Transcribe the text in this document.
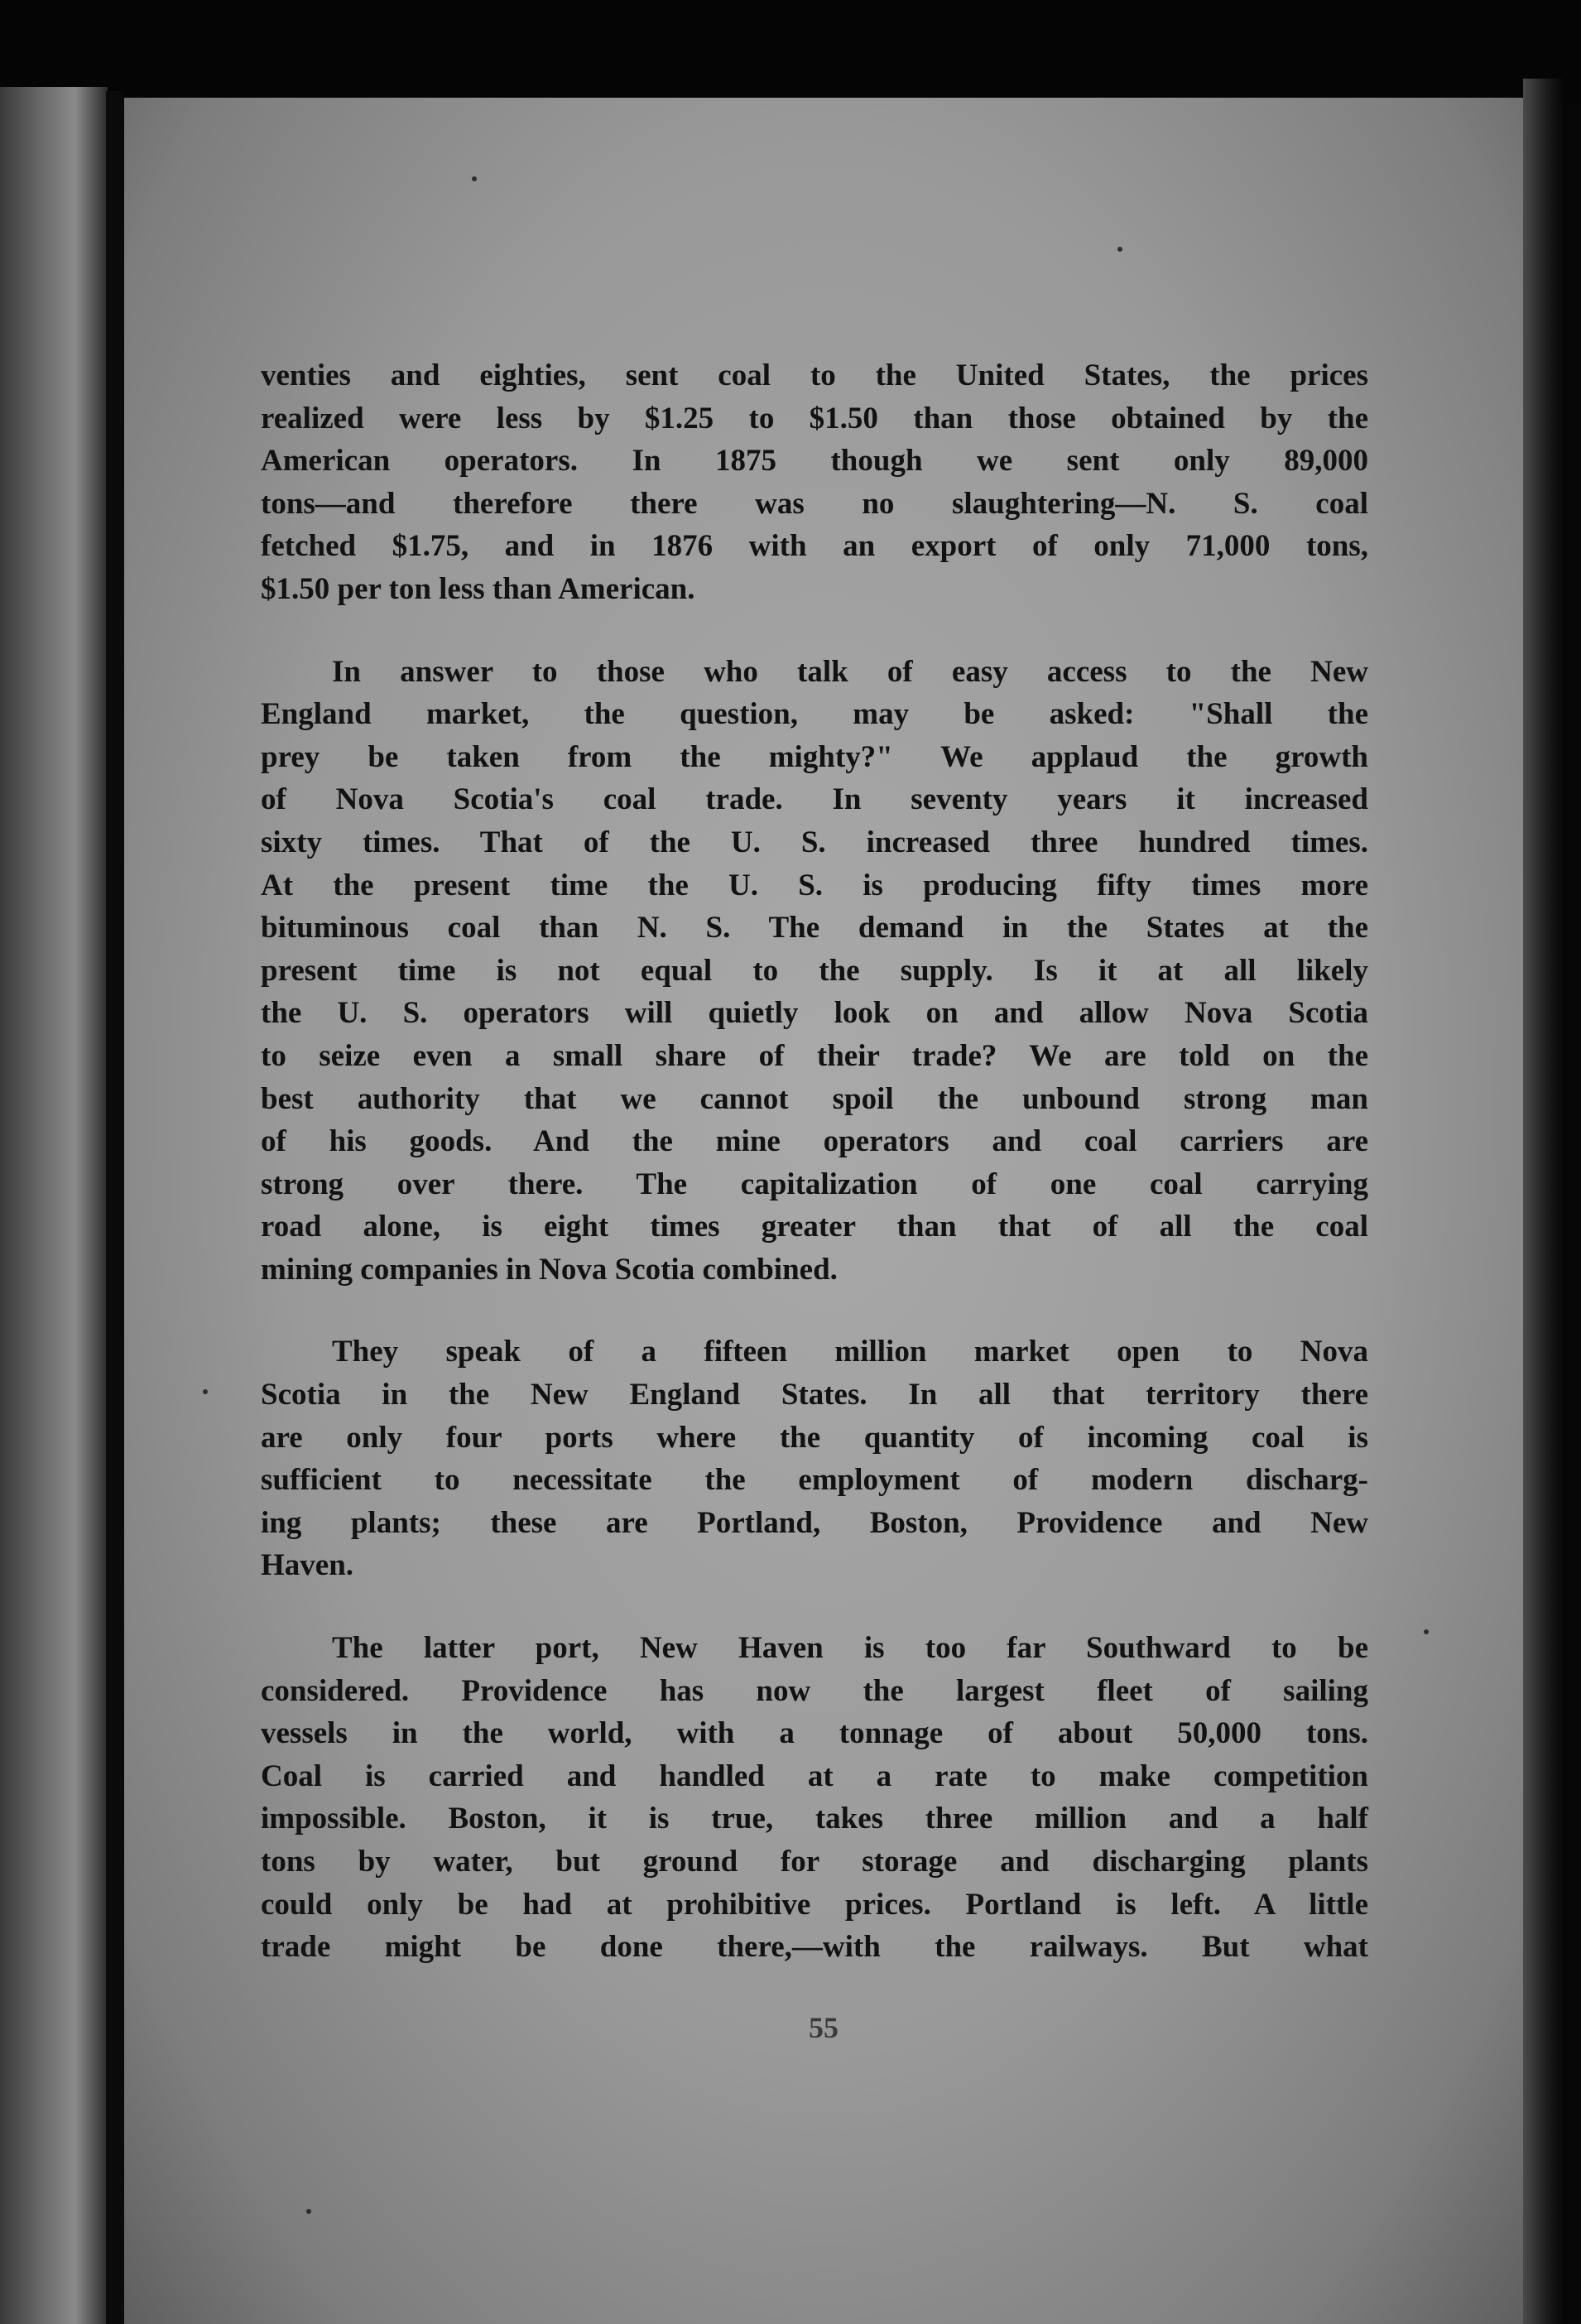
venties and eighties, sent coal to the United States, the prices
realized were less by $1.25 to $1.50 than those obtained by the
American operators. In 1875 though we sent only 89,000
tons—and therefore there was no slaughtering—N. S. coal
fetched $1.75, and in 1876 with an export of only 71,000 tons,
$1.50 per ton less than American.
In answer to those who talk of easy access to the New
England market, the question, may be asked: "Shall the
prey be taken from the mighty?" We applaud the growth
of Nova Scotia's coal trade. In seventy years it increased
sixty times. That of the U. S. increased three hundred times.
At the present time the U. S. is producing fifty times more
bituminous coal than N. S. The demand in the States at the
present time is not equal to the supply. Is it at all likely
the U. S. operators will quietly look on and allow Nova Scotia
to seize even a small share of their trade? We are told on the
best authority that we cannot spoil the unbound strong man
of his goods. And the mine operators and coal carriers are
strong over there. The capitalization of one coal carrying
road alone, is eight times greater than that of all the coal
mining companies in Nova Scotia combined.
They speak of a fifteen million market open to Nova
Scotia in the New England States. In all that territory there
are only four ports where the quantity of incoming coal is
sufficient to necessitate the employment of modern discharg-
ing plants; these are Portland, Boston, Providence and New
Haven.
The latter port, New Haven is too far Southward to be
considered. Providence has now the largest fleet of sailing
vessels in the world, with a tonnage of about 50,000 tons.
Coal is carried and handled at a rate to make competition
impossible. Boston, it is true, takes three million and a half
tons by water, but ground for storage and discharging plants
could only be had at prohibitive prices. Portland is left. A little
trade might be done there,—with the railways. But what
55
